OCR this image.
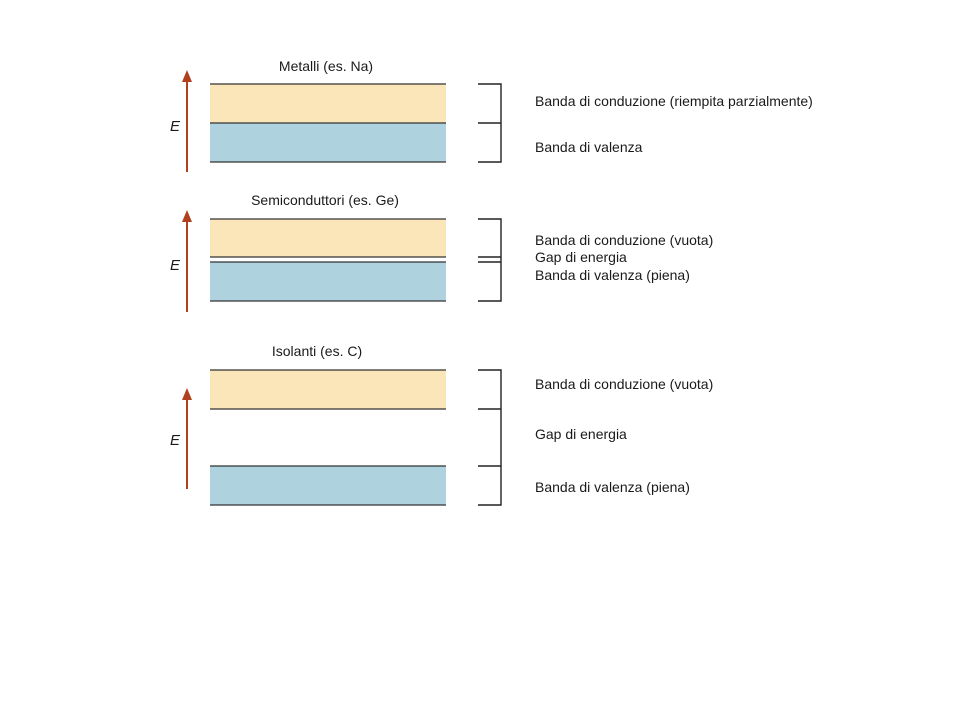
Metalli (es. Na)
E
Banda di conduzione (riempita parzialmente)
Banda di valenza
Semiconduttori (es. Ge)
E
Banda di conduzione (vuota)
Gap di energia
Banda di valenza (piena)
Isolanti (es. C)
E
Banda di conduzione (vuota)
Gap di energia
Banda di valenza (piena)
